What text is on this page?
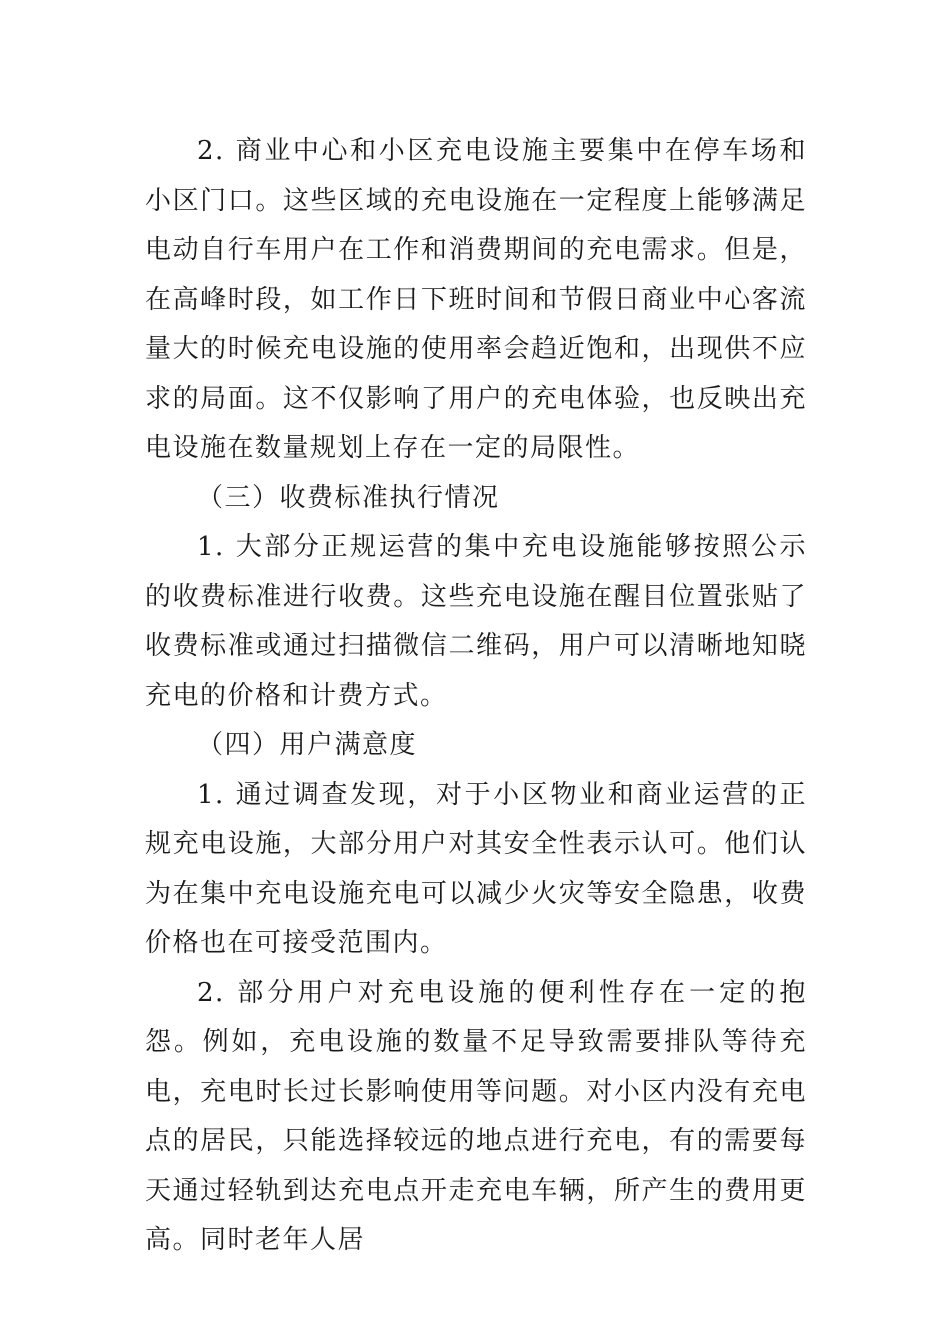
2. 商业中心和小区充电设施主要集中在停车场和小区门口。这些区域的充电设施在一定程度上能够满足电动自行车用户在工作和消费期间的充电需求。但是，在高峰时段，如工作日下班时间和节假日商业中心客流量大的时候充电设施的使用率会趋近饱和，出现供不应求的局面。这不仅影响了用户的充电体验，也反映出充电设施在数量规划上存在一定的局限性。

（三）收费标准执行情况

1. 大部分正规运营的集中充电设施能够按照公示的收费标准进行收费。这些充电设施在醒目位置张贴了收费标准或通过扫描微信二维码，用户可以清晰地知晓充电的价格和计费方式。

（四）用户满意度

1. 通过调查发现，对于小区物业和商业运营的正规充电设施，大部分用户对其安全性表示认可。他们认为在集中充电设施充电可以减少火灾等安全隐患，收费价格也在可接受范围内。

2. 部分用户对充电设施的便利性存在一定的抱怨。例如，充电设施的数量不足导致需要排队等待充电，充电时长过长影响使用等问题。对小区内没有充电点的居民，只能选择较远的地点进行充电，有的需要每天通过轻轨到达充电点开走充电车辆，所产生的费用更高。同时老年人居
